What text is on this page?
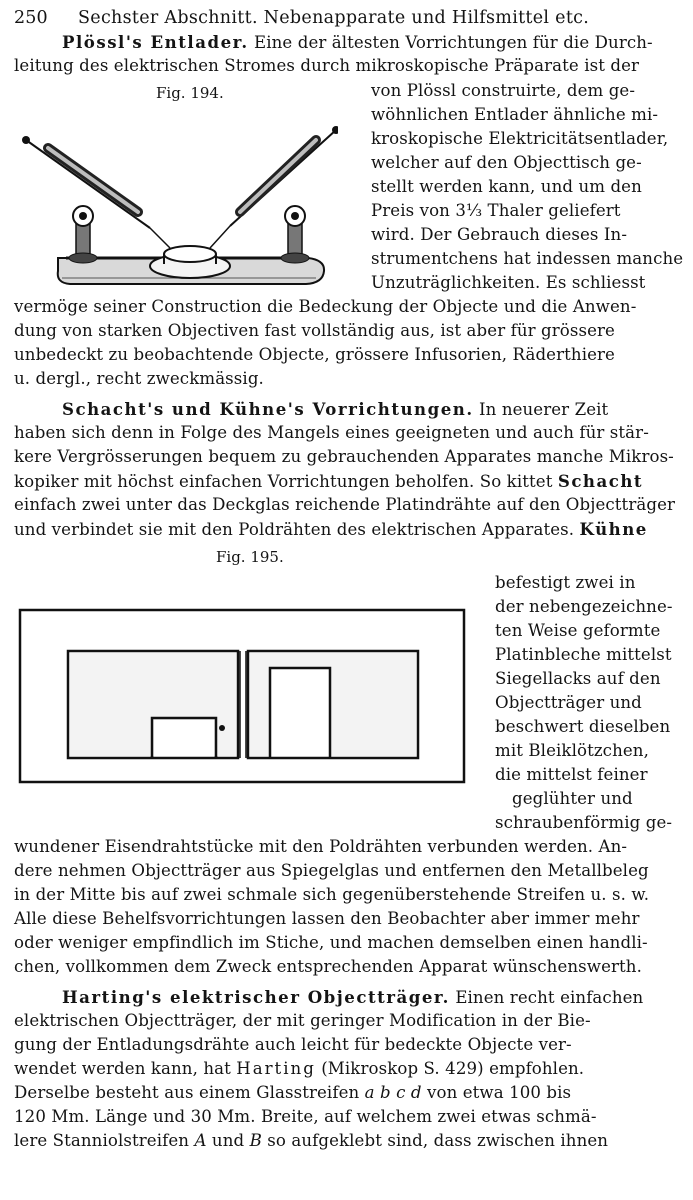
250 Sechster Abschnitt. Nebenapparate und Hilfsmittel etc.
Plössl's Entlader. Eine der ältesten Vorrichtungen für die Durch-
leitung des elektrischen Stromes durch mikroskopische Präparate ist der
Fig. 194.	von Plössl construirte, dem ge-
wöhnlichen Entlader ähnliche mi-
kroskopische Elektricitätsentlader,
welcher auf den Objecttisch ge-
stellt werden kann, und um den
Preis von 3⅓ Thaler geliefert
wird. Der Gebrauch dieses In-
strumentchens hat indessen manche
Unzuträglichkeiten. Es schliesst
vermöge seiner Construction die Bedeckung der Objecte und die Anwen-
dung von starken Objectiven fast vollständig aus, ist aber für grössere
unbedeckt zu beobachtende Objecte, grössere Infusorien, Räderthiere
u. dergl., recht zweckmässig.
Schacht's und Kühne's Vorrichtungen. In neuerer Zeit
haben sich denn in Folge des Mangels eines geeigneten und auch für stär-
kere Vergrösserungen bequem zu gebrauchenden Apparates manche Mikros-
kopiker mit höchst einfachen Vorrichtungen beholfen. So kittet Schacht
einfach zwei unter das Deckglas reichende Platindrähte auf den Objectträger
und verbindet sie mit den Poldrähten des elektrischen Apparates. Kühne
Fig. 195.
befestigt zwei in
der nebengezeichne-
ten Weise geformte
Platinbleche mittelst
Siegellacks auf den
Objectträger und
beschwert dieselben
mit Bleiklötzchen,
die mittelst feiner
geglühter und
schraubenförmig ge-
wundener Eisendrahtstücke mit den Poldrähten verbunden werden. An-
dere nehmen Objectträger aus Spiegelglas und entfernen den Metallbeleg
in der Mitte bis auf zwei schmale sich gegenüberstehende Streifen u. s. w.
Alle diese Behelfsvorrichtungen lassen den Beobachter aber immer mehr
oder weniger empfindlich im Stiche, und machen demselben einen handli-
chen, vollkommen dem Zweck entsprechenden Apparat wünschenswerth.
Harting's elektrischer Objectträger. Einen recht einfachen
elektrischen Objectträger, der mit geringer Modification in der Bie-
gung der Entladungsdrähte auch leicht für bedeckte Objecte ver-
wendet werden kann, hat Harting (Mikroskop S. 429) empfohlen.
Derselbe besteht aus einem Glasstreifen a b c d von etwa 100 bis
120 Mm. Länge und 30 Mm. Breite, auf welchem zwei etwas schmä-
lere Stanniolstreifen A und B so aufgeklebt sind, dass zwischen ihnen
